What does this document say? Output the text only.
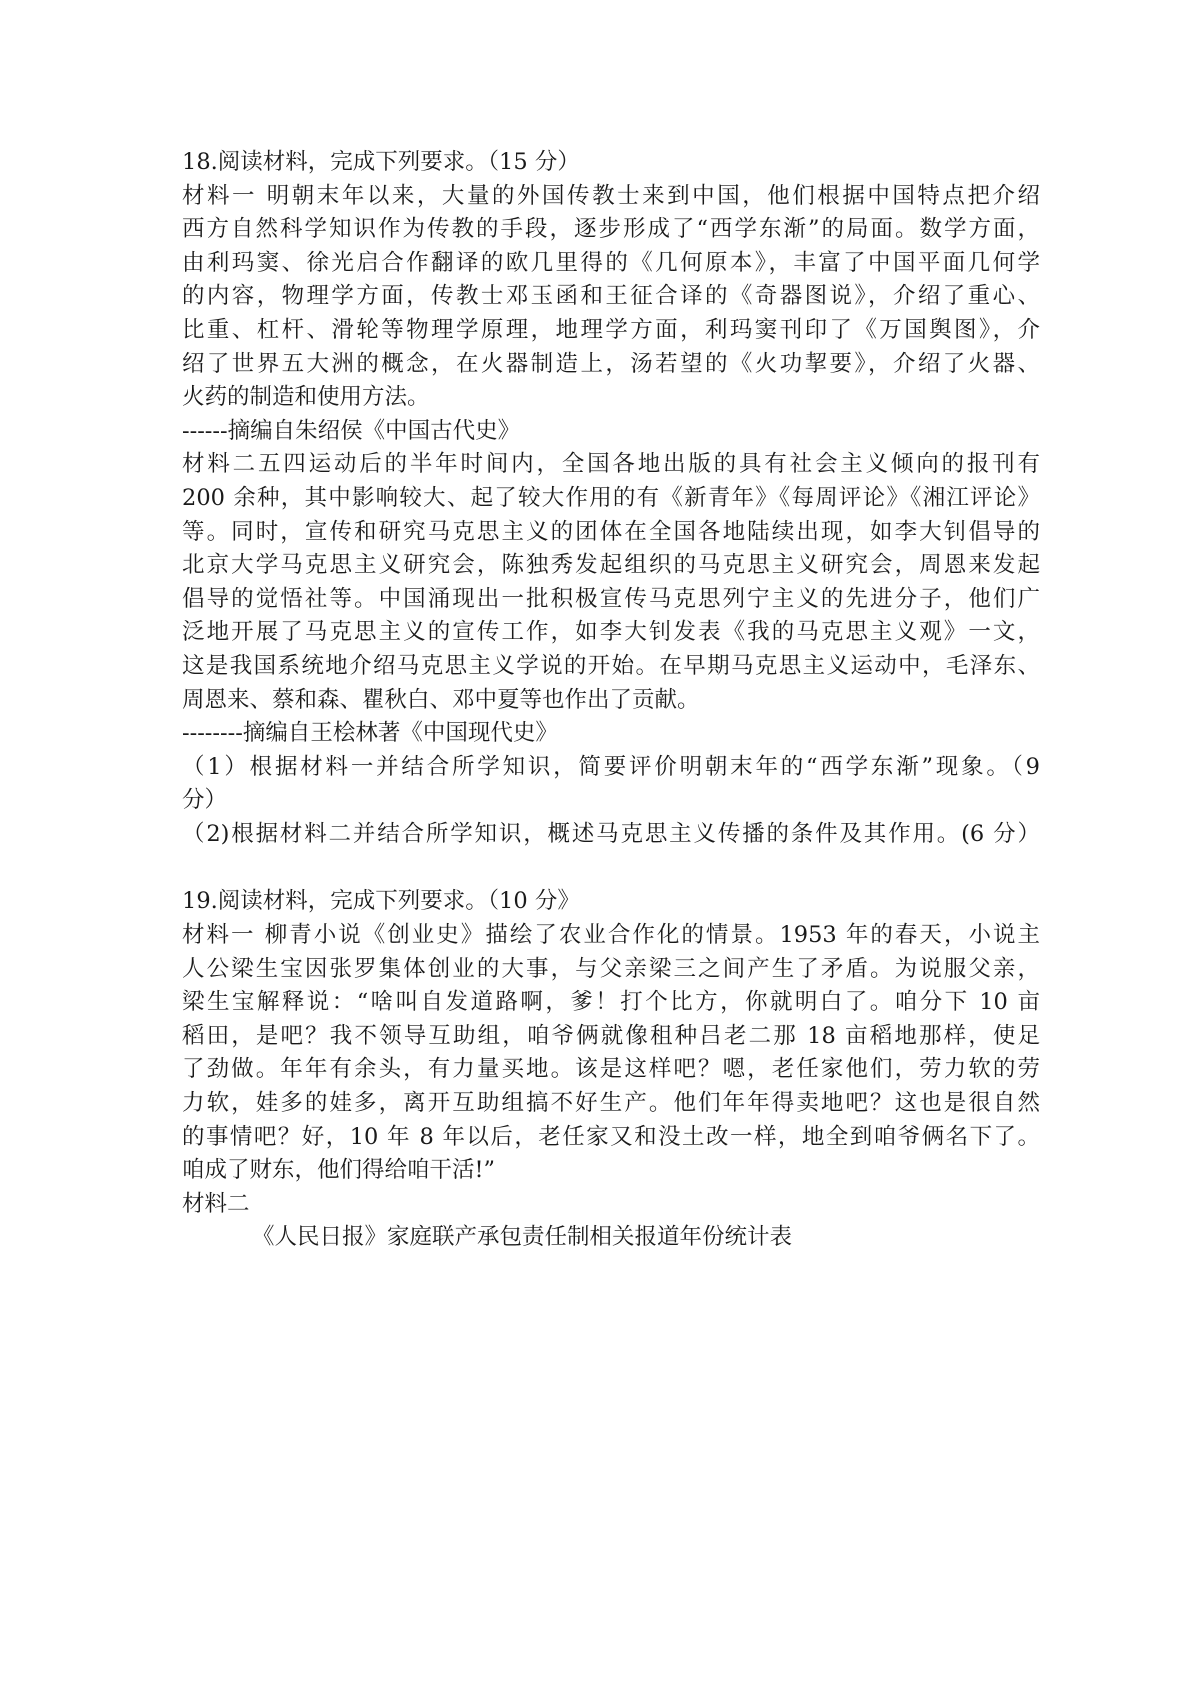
18.阅读材料，完成下列要求。（15 分）
材料一 明朝末年以来，大量的外国传教士来到中国，他们根据中国特点把介绍
西方自然科学知识作为传教的手段，逐步形成了“西学东渐”的局面。数学方面，
由利玛窦、徐光启合作翻译的欧几里得的《几何原本》，丰富了中国平面几何学
的内容，物理学方面，传教士邓玉函和王征合译的《奇器图说》，介绍了重心、
比重、杠杆、滑轮等物理学原理，地理学方面，利玛窦刊印了《万国舆图》，介
绍了世界五大洲的概念，在火器制造上，汤若望的《火功挈要》，介绍了火器、
火药的制造和使用方法。
------摘编自朱绍侯《中国古代史》
材料二五四运动后的半年时间内，全国各地出版的具有社会主义倾向的报刊有
200 余种，其中影响较大、起了较大作用的有《新青年》《每周评论》《湘江评论》
等。同时，宣传和研究马克思主义的团体在全国各地陆续出现，如李大钊倡导的
北京大学马克思主义研究会，陈独秀发起组织的马克思主义研究会，周恩来发起
倡导的觉悟社等。中国涌现出一批积极宣传马克思列宁主义的先进分子，他们广
泛地开展了马克思主义的宣传工作，如李大钊发表《我的马克思主义观》一文，
这是我国系统地介绍马克思主义学说的开始。在早期马克思主义运动中，毛泽东、
周恩来、蔡和森、瞿秋白、邓中夏等也作出了贡献。
--------摘编自王桧林著《中国现代史》
（1）根据材料一并结合所学知识，简要评价明朝末年的“西学东渐”现象。（9
分）
（2)根据材料二并结合所学知识，概述马克思主义传播的条件及其作用。(6 分）
19.阅读材料，完成下列要求。（10 分》
材料一 柳青小说《创业史》描绘了农业合作化的情景。1953 年的春天，小说主
人公梁生宝因张罗集体创业的大事，与父亲梁三之间产生了矛盾。为说服父亲，
梁生宝解释说：“啥叫自发道路啊，爹！打个比方，你就明白了。咱分下 10 亩
稻田，是吧？我不领导互助组，咱爷俩就像租种吕老二那 18 亩稻地那样，使足
了劲做。年年有余头，有力量买地。该是这样吧？嗯，老任家他们，劳力软的劳
力软，娃多的娃多，离开互助组搞不好生产。他们年年得卖地吧？这也是很自然
的事情吧？好，10 年 8 年以后，老任家又和没土改一样，地全到咱爷俩名下了。
咱成了财东，他们得给咱干活!”
材料二
《人民日报》家庭联产承包责任制相关报道年份统计表
